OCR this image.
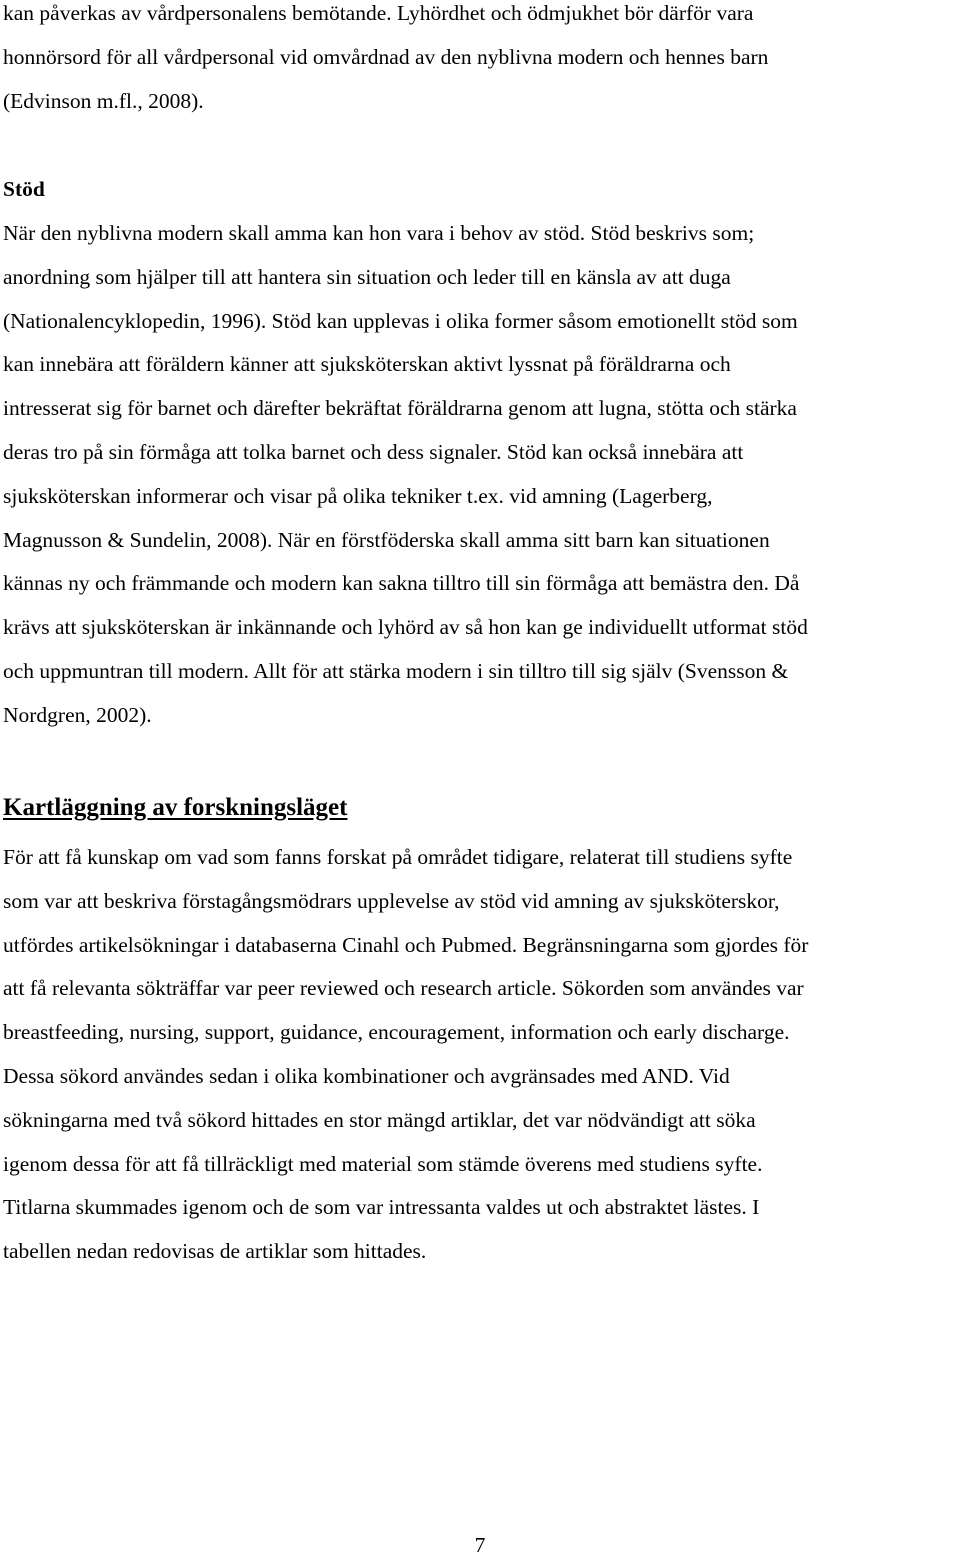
kan påverkas av vårdpersonalens bemötande. Lyhördhet och ödmjukhet bör därför vara
honnörsord för all vårdpersonal vid omvårdnad av den nyblivna modern och hennes barn
(Edvinson m.fl., 2008).
Stöd
När den nyblivna modern skall amma kan hon vara i behov av stöd. Stöd beskrivs som;
anordning som hjälper till att hantera sin situation och leder till en känsla av att duga
(Nationalencyklopedin, 1996). Stöd kan upplevas i olika former såsom emotionellt stöd som
kan innebära att föräldern känner att sjuksköterskan aktivt lyssnat på föräldrarna och
intresserat sig för barnet och därefter bekräftat föräldrarna genom att lugna, stötta och stärka
deras tro på sin förmåga att tolka barnet och dess signaler. Stöd kan också innebära att
sjuksköterskan informerar och visar på olika tekniker t.ex. vid amning (Lagerberg,
Magnusson & Sundelin, 2008). När en förstföderska skall amma sitt barn kan situationen
kännas ny och främmande och modern kan sakna tilltro till sin förmåga att bemästra den. Då
krävs att sjuksköterskan är inkännande och lyhörd av så hon kan ge individuellt utformat stöd
och uppmuntran till modern. Allt för att stärka modern i sin tilltro till sig själv (Svensson &
Nordgren, 2002).
Kartläggning av forskningsläget
För att få kunskap om vad som fanns forskat på området tidigare, relaterat till studiens syfte
som var att beskriva förstagångsmödrars upplevelse av stöd vid amning av sjuksköterskor,
utfördes artikelsökningar i databaserna Cinahl och Pubmed. Begränsningarna som gjordes för
att få relevanta sökträffar var peer reviewed och research article. Sökorden som användes var
breastfeeding, nursing, support, guidance, encouragement, information och early discharge.
Dessa sökord användes sedan i olika kombinationer och avgränsades med AND. Vid
sökningarna med två sökord hittades en stor mängd artiklar, det var nödvändigt att söka
igenom dessa för att få tillräckligt med material som stämde överens med studiens syfte.
Titlarna skummades igenom och de som var intressanta valdes ut och abstraktet lästes. I
tabellen nedan redovisas de artiklar som hittades.
7
